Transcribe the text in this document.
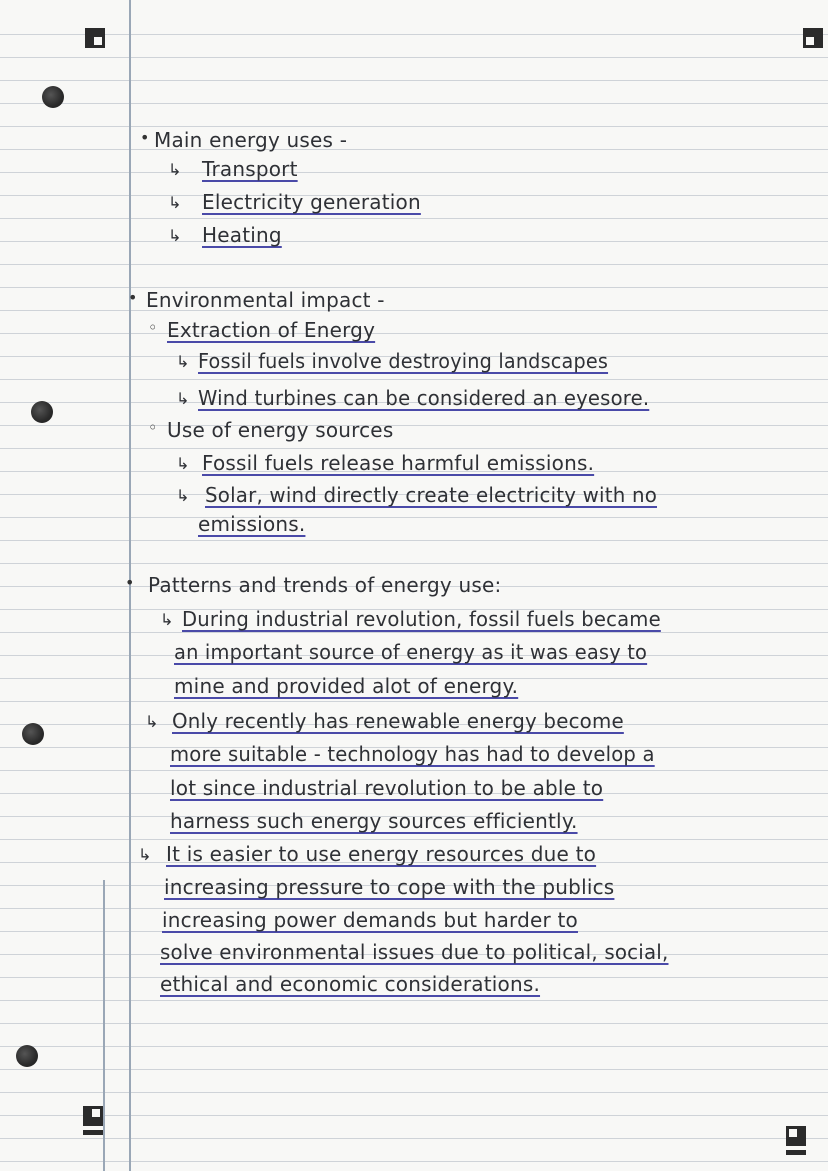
• Main energy uses -
↳ Transport
↳ Electricity generation
↳ Heating
• Environmental impact -
◦ Extraction of Energy
↳ Fossil fuels involve destroying landscapes
↳ Wind turbines can be considered an eyesore.
◦ Use of energy sources
↳ Fossil fuels release harmful emissions.
↳ Solar, wind directly create electricity with no
emissions.
• Patterns and trends of energy use:
↳ During industrial revolution, fossil fuels became
an important source of energy as it was easy to
mine and provided alot of energy.
↳ Only recently has renewable energy become
more suitable - technology has had to develop a
lot since industrial revolution to be able to
harness such energy sources efficiently.
↳ It is easier to use energy resources due to
increasing pressure to cope with the publics
increasing power demands but harder to
solve environmental issues due to political, social,
ethical and economic considerations.
